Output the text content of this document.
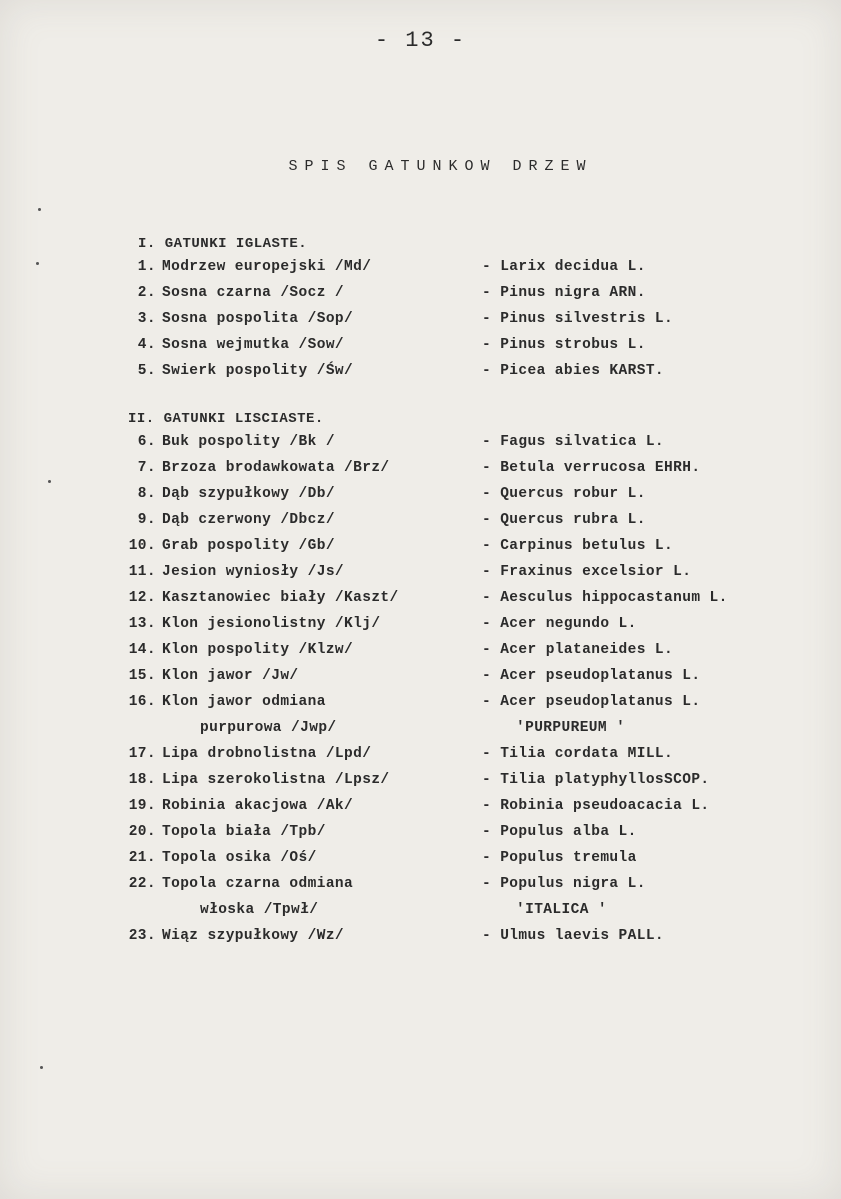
- 13 -
SPIS GATUNKOW DRZEW
I. GATUNKI IGLASTE.
II. GATUNKI LISCIASTE.
1. Modrzew europejski /Md/	- Larix decidua L.
2. Sosna czarna /Socz /	- Pinus nigra ARN.
3. Sosna pospolita /Sop/	- Pinus silvestris L.
4. Sosna wejmutka /Sow/	- Pinus strobus L.
5. Swierk pospolity /Św/	- Picea abies KARST.
6. Buk pospolity /Bk /	- Fagus silvatica L.
7. Brzoza brodawkowata /Brz/	- Betula verrucosa EHRH.
8. Dąb szypułkowy /Db/	- Quercus robur L.
9. Dąb czerwony /Dbcz/	- Quercus rubra L.
10. Grab pospolity /Gb/	- Carpinus betulus L.
11. Jesion wyniosły /Js/	- Fraxinus excelsior L.
12. Kasztanowiec biały /Kaszt/	- Aesculus hippocastanum L.
13. Klon jesionolistny /Klj/	- Acer negundo L.
14. Klon pospolity /Klzw/	- Acer plataneides L.
15. Klon jawor /Jw/	- Acer pseudoplatanus L.
16. Klon jawor odmiana	- Acer pseudoplatanus L.
purpurowa /Jwp/	'PURPUREUM '
17. Lipa drobnolistna /Lpd/	- Tilia cordata MILL.
18. Lipa szerokolistna /Lpsz/	- Tilia platyphyllosSCOP.
19. Robinia akacjowa /Ak/	- Robinia pseudoacacia L.
20. Topola biała /Tpb/	- Populus alba L.
21. Topola osika /Oś/	- Populus tremula
22. Topola czarna odmiana	- Populus nigra L.
włoska /Tpwł/	'ITALICA '
23. Wiąz szypułkowy /Wz/	- Ulmus laevis PALL.
